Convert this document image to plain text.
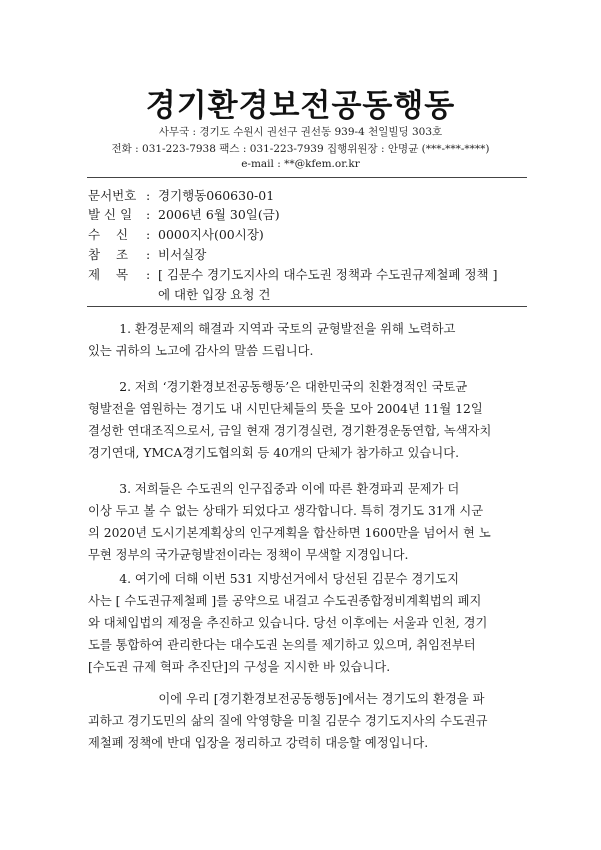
경기환경보전공동행동
사무국 : 경기도 수원시 권선구 권선동 939-4 천일빌딩 303호
전화 : 031-223-7938 팩스 : 031-223-7939 집행위원장 : 안명균 (***-***-****)
e-mail : **@kfem.or.kr
문서번호 : 경기행동060630-01
발 신 일 : 2006년 6월 30일(금)
수    신 : 0000지사(00시장)
참    조 : 비서실장
제    목 : [ 김문수 경기도지사의 대수도권 정책과 수도권규제철폐 정책 ]
에 대한 입장 요청 건
1. 환경문제의 해결과 지역과 국토의 균형발전을 위해 노력하고
있는 귀하의 노고에 감사의 말씀 드립니다.
2. 저희 ‘경기환경보전공동행동’은 대한민국의 친환경적인 국토균
형발전을 염원하는 경기도 내 시민단체들의 뜻을 모아 2004년 11월 12일
결성한 연대조직으로서, 금일 현재 경기경실련, 경기환경운동연합, 녹색자치
경기연대, YMCA경기도협의회 등 40개의 단체가 참가하고 있습니다.
3. 저희들은 수도권의 인구집중과 이에 따른 환경파괴 문제가 더
이상 두고 볼 수 없는 상태가 되었다고 생각합니다. 특히 경기도 31개 시군
의 2020년 도시기본계획상의 인구계획을 합산하면 1600만을 넘어서 현 노
무현 정부의 국가균형발전이라는 정책이 무색할 지경입니다.
4. 여기에 더해 이번 531 지방선거에서 당선된 김문수 경기도지
사는 [ 수도권규제철폐 ]를 공약으로 내걸고 수도권종합정비계획법의 폐지
와 대체입법의 제정을 추진하고 있습니다. 당선 이후에는 서울과 인천, 경기
도를 통합하여 관리한다는 대수도권 논의를 제기하고 있으며, 취임전부터
[수도권 규제 혁파 추진단]의 구성을 지시한 바 있습니다.
이에 우리 [경기환경보전공동행동]에서는 경기도의 환경을 파
괴하고 경기도민의 삶의 질에 악영향을 미칠 김문수 경기도지사의 수도권규
제철폐 정책에 반대 입장을 정리하고 강력히 대응할 예정입니다.
